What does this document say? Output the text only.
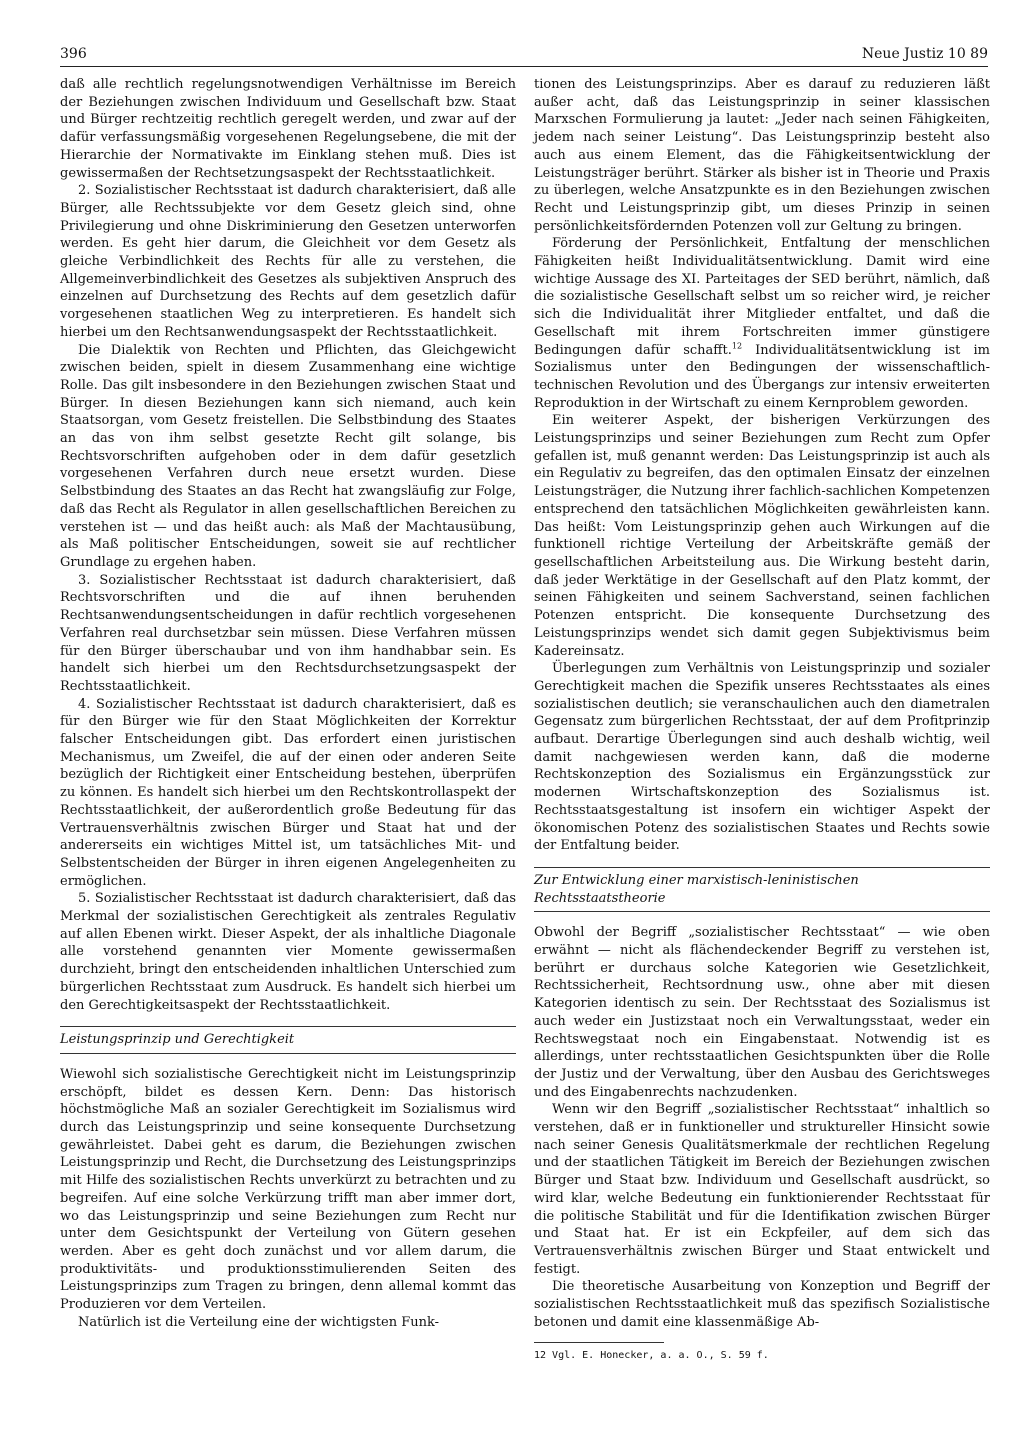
396	Neue Justiz 10 89

daß alle rechtlich regelungsnotwendigen Verhältnisse im Bereich der Beziehungen zwischen Individuum und Gesellschaft bzw. Staat und Bürger rechtzeitig rechtlich geregelt werden, und zwar auf der dafür verfassungsmäßig vorgesehenen Regelungsebene, die mit der Hierarchie der Normativakte im Einklang stehen muß. Dies ist gewissermaßen der Rechtsetzungsaspekt der Rechtsstaatlichkeit.

2. Sozialistischer Rechtsstaat ist dadurch charakterisiert, daß alle Bürger, alle Rechtssubjekte vor dem Gesetz gleich sind, ohne Privilegierung und ohne Diskriminierung den Gesetzen unterworfen werden. Es geht hier darum, die Gleichheit vor dem Gesetz als gleiche Verbindlichkeit des Rechts für alle zu verstehen, die Allgemeinverbindlichkeit des Gesetzes als subjektiven Anspruch des einzelnen auf Durchsetzung des Rechts auf dem gesetzlich dafür vorgesehenen staatlichen Weg zu interpretieren. Es handelt sich hierbei um den Rechtsanwendungsaspekt der Rechtsstaatlichkeit.

Die Dialektik von Rechten und Pflichten, das Gleichgewicht zwischen beiden, spielt in diesem Zusammenhang eine wichtige Rolle. Das gilt insbesondere in den Beziehungen zwischen Staat und Bürger. In diesen Beziehungen kann sich niemand, auch kein Staatsorgan, vom Gesetz freistellen. Die Selbstbindung des Staates an das von ihm selbst gesetzte Recht gilt solange, bis Rechtsvorschriften aufgehoben oder in dem dafür gesetzlich vorgesehenen Verfahren durch neue ersetzt wurden. Diese Selbstbindung des Staates an das Recht hat zwangsläufig zur Folge, daß das Recht als Regulator in allen gesellschaftlichen Bereichen zu verstehen ist — und das heißt auch: als Maß der Machtausübung, als Maß politischer Entscheidungen, soweit sie auf rechtlicher Grundlage zu ergehen haben.

3. Sozialistischer Rechtsstaat ist dadurch charakterisiert, daß Rechtsvorschriften und die auf ihnen beruhenden Rechtsanwendungsentscheidungen in dafür rechtlich vorgesehenen Verfahren real durchsetzbar sein müssen. Diese Verfahren müssen für den Bürger überschaubar und von ihm handhabbar sein. Es handelt sich hierbei um den Rechtsdurchsetzungsaspekt der Rechtsstaatlichkeit.

4. Sozialistischer Rechtsstaat ist dadurch charakterisiert, daß es für den Bürger wie für den Staat Möglichkeiten der Korrektur falscher Entscheidungen gibt. Das erfordert einen juristischen Mechanismus, um Zweifel, die auf der einen oder anderen Seite bezüglich der Richtigkeit einer Entscheidung bestehen, überprüfen zu können. Es handelt sich hierbei um den Rechtskontrollaspekt der Rechtsstaatlichkeit, der außerordentlich große Bedeutung für das Vertrauensverhältnis zwischen Bürger und Staat hat und der andererseits ein wichtiges Mittel ist, um tatsächliches Mit- und Selbstentscheiden der Bürger in ihren eigenen Angelegenheiten zu ermöglichen.

5. Sozialistischer Rechtsstaat ist dadurch charakterisiert, daß das Merkmal der sozialistischen Gerechtigkeit als zentrales Regulativ auf allen Ebenen wirkt. Dieser Aspekt, der als inhaltliche Diagonale alle vorstehend genannten vier Momente gewissermaßen durchzieht, bringt den entscheidenden inhaltlichen Unterschied zum bürgerlichen Rechtsstaat zum Ausdruck. Es handelt sich hierbei um den Gerechtigkeitsaspekt der Rechtsstaatlichkeit.

Leistungsprinzip und Gerechtigkeit

Wiewohl sich sozialistische Gerechtigkeit nicht im Leistungsprinzip erschöpft, bildet es dessen Kern. Denn: Das historisch höchstmögliche Maß an sozialer Gerechtigkeit im Sozialismus wird durch das Leistungsprinzip und seine konsequente Durchsetzung gewährleistet. Dabei geht es darum, die Beziehungen zwischen Leistungsprinzip und Recht, die Durchsetzung des Leistungsprinzips mit Hilfe des sozialistischen Rechts unverkürzt zu betrachten und zu begreifen. Auf eine solche Verkürzung trifft man aber immer dort, wo das Leistungsprinzip und seine Beziehungen zum Recht nur unter dem Gesichtspunkt der Verteilung von Gütern gesehen werden. Aber es geht doch zunächst und vor allem darum, die produktivitäts- und produktionsstimulierenden Seiten des Leistungsprinzips zum Tragen zu bringen, denn allemal kommt das Produzieren vor dem Verteilen.

Natürlich ist die Verteilung eine der wichtigsten Funk-

tionen des Leistungsprinzips. Aber es darauf zu reduzieren läßt außer acht, daß das Leistungsprinzip in seiner klassischen Marxschen Formulierung ja lautet: „Jeder nach seinen Fähigkeiten, jedem nach seiner Leistung“. Das Leistungsprinzip besteht also auch aus einem Element, das die Fähigkeitsentwicklung der Leistungsträger berührt. Stärker als bisher ist in Theorie und Praxis zu überlegen, welche Ansatzpunkte es in den Beziehungen zwischen Recht und Leistungsprinzip gibt, um dieses Prinzip in seinen persönlichkeitsfördernden Potenzen voll zur Geltung zu bringen.

Förderung der Persönlichkeit, Entfaltung der menschlichen Fähigkeiten heißt Individualitätsentwicklung. Damit wird eine wichtige Aussage des XI. Parteitages der SED berührt, nämlich, daß die sozialistische Gesellschaft selbst um so reicher wird, je reicher sich die Individualität ihrer Mitglieder entfaltet, und daß die Gesellschaft mit ihrem Fortschreiten immer günstigere Bedingungen dafür schafft.$^{12}$ Individualitätsentwicklung ist im Sozialismus unter den Bedingungen der wissenschaftlich-technischen Revolution und des Übergangs zur intensiv erweiterten Reproduktion in der Wirtschaft zu einem Kernproblem geworden.

Ein weiterer Aspekt, der bisherigen Verkürzungen des Leistungsprinzips und seiner Beziehungen zum Recht zum Opfer gefallen ist, muß genannt werden: Das Leistungsprinzip ist auch als ein Regulativ zu begreifen, das den optimalen Einsatz der einzelnen Leistungsträger, die Nutzung ihrer fachlich-sachlichen Kompetenzen entsprechend den tatsächlichen Möglichkeiten gewährleisten kann. Das heißt: Vom Leistungsprinzip gehen auch Wirkungen auf die funktionell richtige Verteilung der Arbeitskräfte gemäß der gesellschaftlichen Arbeitsteilung aus. Die Wirkung besteht darin, daß jeder Werktätige in der Gesellschaft auf den Platz kommt, der seinen Fähigkeiten und seinem Sachverstand, seinen fachlichen Potenzen entspricht. Die konsequente Durchsetzung des Leistungsprinzips wendet sich damit gegen Subjektivismus beim Kadereinsatz.

Überlegungen zum Verhältnis von Leistungsprinzip und sozialer Gerechtigkeit machen die Spezifik unseres Rechtsstaates als eines sozialistischen deutlich; sie veranschaulichen auch den diametralen Gegensatz zum bürgerlichen Rechtsstaat, der auf dem Profitprinzip aufbaut. Derartige Überlegungen sind auch deshalb wichtig, weil damit nachgewiesen werden kann, daß die moderne Rechtskonzeption des Sozialismus ein Ergänzungsstück zur modernen Wirtschaftskonzeption des Sozialismus ist. Rechtsstaatsgestaltung ist insofern ein wichtiger Aspekt der ökonomischen Potenz des sozialistischen Staates und Rechts sowie der Entfaltung beider.

Zur Entwicklung einer marxistisch-leninistischen Rechtsstaatstheorie

Obwohl der Begriff „sozialistischer Rechtsstaat“ — wie oben erwähnt — nicht als flächendeckender Begriff zu verstehen ist, berührt er durchaus solche Kategorien wie Gesetzlichkeit, Rechtssicherheit, Rechtsordnung usw., ohne aber mit diesen Kategorien identisch zu sein. Der Rechtsstaat des Sozialismus ist auch weder ein Justizstaat noch ein Verwaltungsstaat, weder ein Rechtswegstaat noch ein Eingabenstaat. Notwendig ist es allerdings, unter rechtsstaatlichen Gesichtspunkten über die Rolle der Justiz und der Verwaltung, über den Ausbau des Gerichtsweges und des Eingabenrechts nachzudenken.

Wenn wir den Begriff „sozialistischer Rechtsstaat“ inhaltlich so verstehen, daß er in funktioneller und struktureller Hinsicht sowie nach seiner Genesis Qualitätsmerkmale der rechtlichen Regelung und der staatlichen Tätigkeit im Bereich der Beziehungen zwischen Bürger und Staat bzw. Individuum und Gesellschaft ausdrückt, so wird klar, welche Bedeutung ein funktionierender Rechtsstaat für die politische Stabilität und für die Identifikation zwischen Bürger und Staat hat. Er ist ein Eckpfeiler, auf dem sich das Vertrauensverhältnis zwischen Bürger und Staat entwickelt und festigt.

Die theoretische Ausarbeitung von Konzeption und Begriff der sozialistischen Rechtsstaatlichkeit muß das spezifisch Sozialistische betonen und damit eine klassenmäßige Ab-

12 Vgl. E. Honecker, a. a. O., S. 59 f.
